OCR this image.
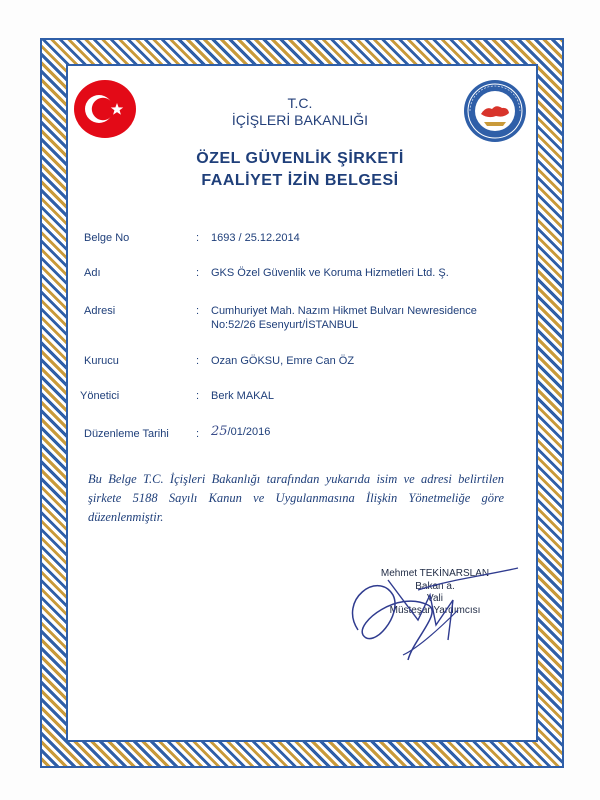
T.C.
İÇİŞLERİ BAKANLIĞI
ÖZEL GÜVENLİK ŞİRKETİ
FAALİYET İZİN BELGESİ
Belge No	: 1693 / 25.12.2014
Adı	: GKS Özel Güvenlik ve Koruma Hizmetleri Ltd. Ş.
Adresi	: Cumhuriyet Mah. Nazım Hikmet Bulvarı Newresidence
No:52/26 Esenyurt/İSTANBUL
Kurucu	: Ozan GÖKSU, Emre Can ÖZ
Yönetici	: Berk MAKAL
Düzenleme Tarihi : 25/01/2016
Bu Belge T.C. İçişleri Bakanlığı tarafından yukarıda isim ve adresi belirtilen şirkete 5188 Sayılı Kanun ve Uygulanmasına İlişkin Yönetmeliğe göre düzenlenmiştir.
Mehmet TEKİNARSLAN
Bakan a.
Vali
Müsteşar Yardımcısı
